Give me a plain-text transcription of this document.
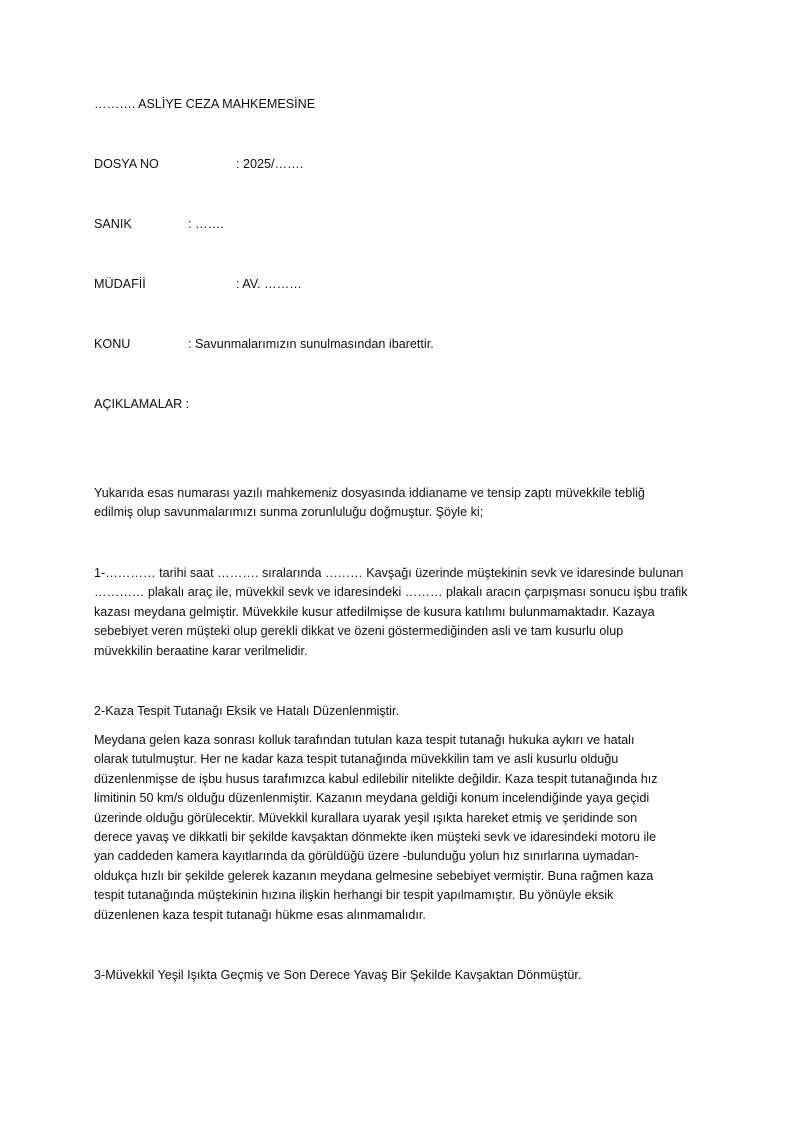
………. ASLİYE CEZA MAHKEMESİNE
DOSYA NO	: 2025/…….
SANIK	: …….
MÜDAFİİ	: AV. ………
KONU	: Savunmalarımızın sunulmasından ibarettir.
AÇIKLAMALAR :
Yukarıda esas numarası yazılı mahkemeniz dosyasında iddianame ve tensip zaptı müvekkile tebliğ
edilmiş olup savunmalarımızı sunma zorunluluğu doğmuştur. Şöyle ki;
1-………… tarihi saat ………. sıralarında ……… Kavşağı üzerinde müştekinin sevk ve idaresinde bulunan
………… plakalı araç ile, müvekkil sevk ve idaresindeki ……… plakalı aracın çarpışması sonucu işbu trafik
kazası meydana gelmiştir. Müvekkile kusur atfedilmişse de kusura katılımı bulunmamaktadır. Kazaya
sebebiyet veren müşteki olup gerekli dikkat ve özeni göstermediğinden asli ve tam kusurlu olup
müvekkilin beraatine karar verilmelidir.
2-Kaza Tespit Tutanağı Eksik ve Hatalı Düzenlenmiştir.
Meydana gelen kaza sonrası kolluk tarafından tutulan kaza tespit tutanağı hukuka aykırı ve hatalı
olarak tutulmuştur. Her ne kadar kaza tespit tutanağında müvekkilin tam ve asli kusurlu olduğu
düzenlenmişse de işbu husus tarafımızca kabul edilebilir nitelikte değildir. Kaza tespit tutanağında hız
limitinin 50 km/s olduğu düzenlenmiştir. Kazanın meydana geldiği konum incelendiğinde yaya geçidi
üzerinde olduğu görülecektir. Müvekkil kurallara uyarak yeşil ışıkta hareket etmiş ve şeridinde son
derece yavaş ve dikkatli bir şekilde kavşaktan dönmekte iken müşteki sevk ve idaresindeki motoru ile
yan caddeden kamera kayıtlarında da görüldüğü üzere -bulunduğu yolun hız sınırlarına uymadan-
oldukça hızlı bir şekilde gelerek kazanın meydana gelmesine sebebiyet vermiştir. Buna rağmen kaza
tespit tutanağında müştekinin hızına ilişkin herhangi bir tespit yapılmamıştır. Bu yönüyle eksik
düzenlenen kaza tespit tutanağı hükme esas alınmamalıdır.
3-Müvekkil Yeşil Işıkta Geçmiş ve Son Derece Yavaş Bir Şekilde Kavşaktan Dönmüştür.
